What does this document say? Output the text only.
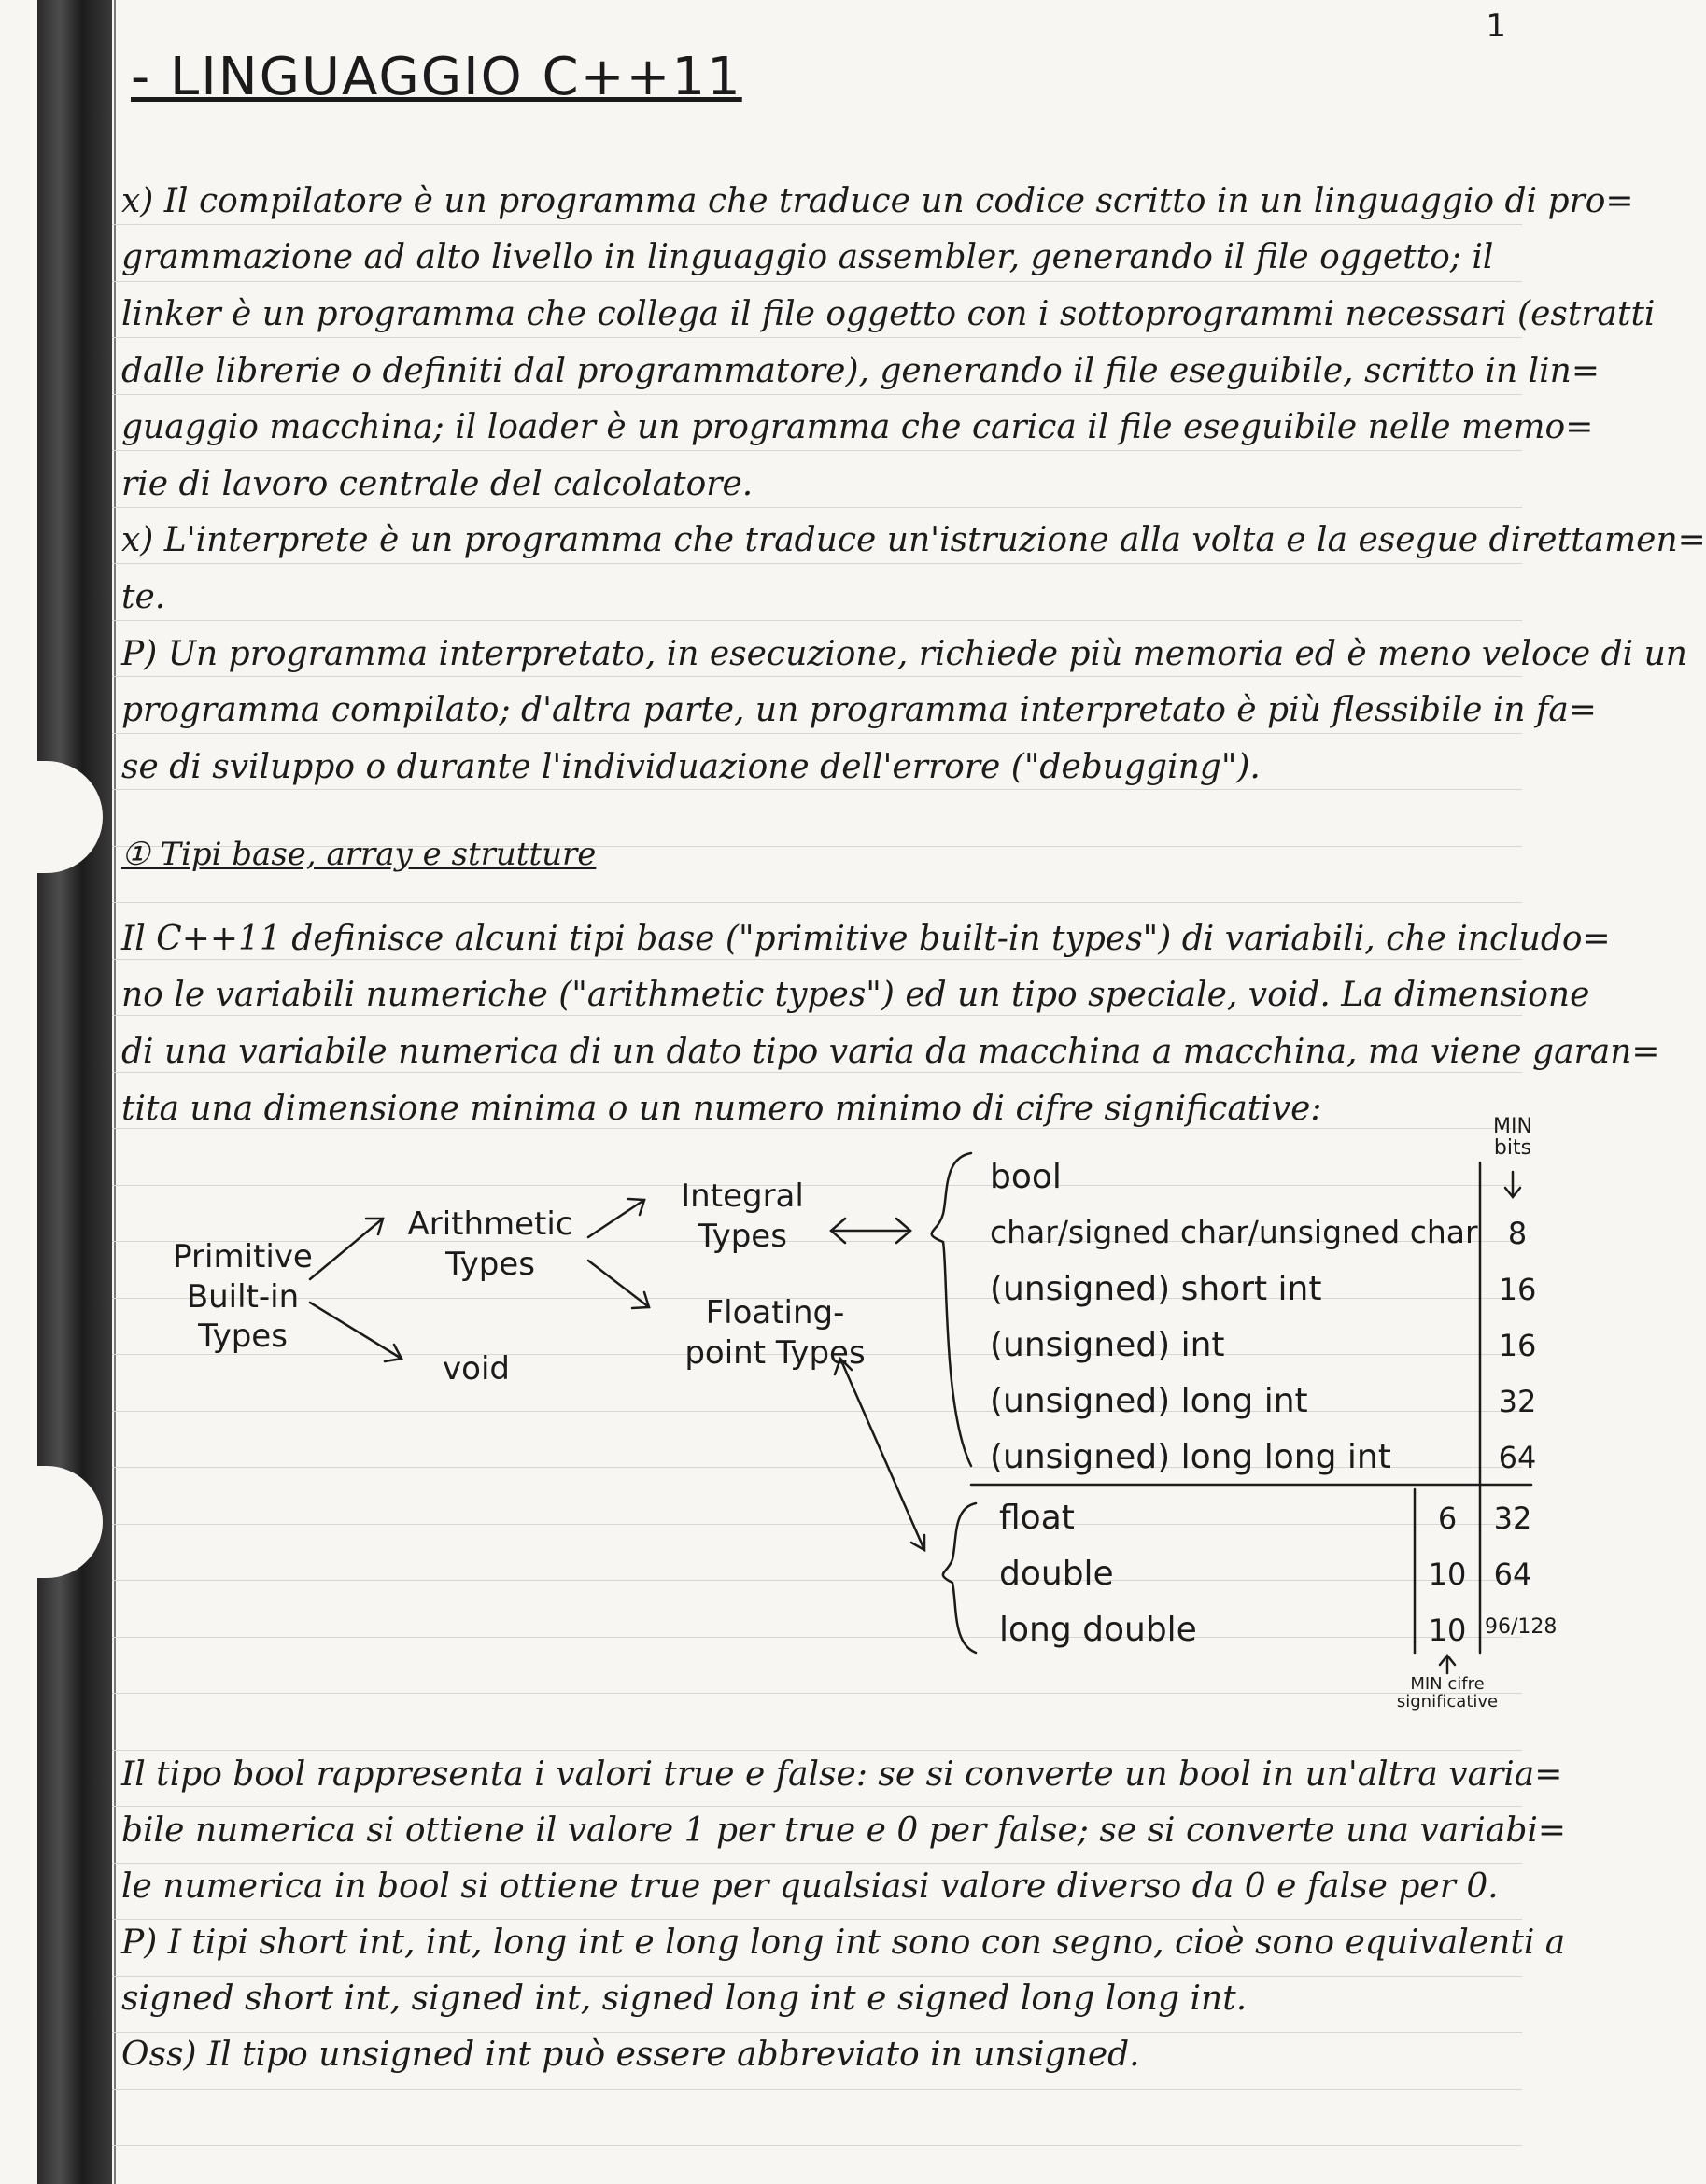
1
- LINGUAGGIO C++11
x) Il compilatore è un programma che traduce un codice scritto in un linguaggio di pro=
grammazione ad alto livello in linguaggio assembler, generando il file oggetto; il
linker è un programma che collega il file oggetto con i sottoprogrammi necessari (estratti
dalle librerie o definiti dal programmatore), generando il file eseguibile, scritto in lin=
guaggio macchina; il loader è un programma che carica il file eseguibile nelle memo=
rie di lavoro centrale del calcolatore.
x) L'interprete è un programma che traduce un'istruzione alla volta e la esegue direttamen=
te.
P) Un programma interpretato, in esecuzione, richiede più memoria ed è meno veloce di un
programma compilato; d'altra parte, un programma interpretato è più flessibile in fa=
se di sviluppo o durante l'individuazione dell'errore ("debugging").
① Tipi base, array e strutture
Il C++11 definisce alcuni tipi base ("primitive built-in types") di variabili, che includo=
no le variabili numeriche ("arithmetic types") ed un tipo speciale, void. La dimensione
di una variabile numerica di un dato tipo varia da macchina a macchina, ma viene garan=
tita una dimensione minima o un numero minimo di cifre significative:
Primitive Built-in Types
Arithmetic Types
void
Integral Types
Floating-point Types
MIN bits
MIN cifre significative
bool
char/signed char/unsigned char
(unsigned) short int
(unsigned) int
(unsigned) long int
(unsigned) long long int
8
16
16
32
64
float
double
long double
6
10
10
32
64
96/128
Il tipo bool rappresenta i valori true e false: se si converte un bool in un'altra varia=
bile numerica si ottiene il valore 1 per true e 0 per false; se si converte una variabi=
le numerica in bool si ottiene true per qualsiasi valore diverso da 0 e false per 0.
P) I tipi short int, int, long int e long long int sono con segno, cioè sono equivalenti a
signed short int, signed int, signed long int e signed long long int.
Oss) Il tipo unsigned int può essere abbreviato in unsigned.
